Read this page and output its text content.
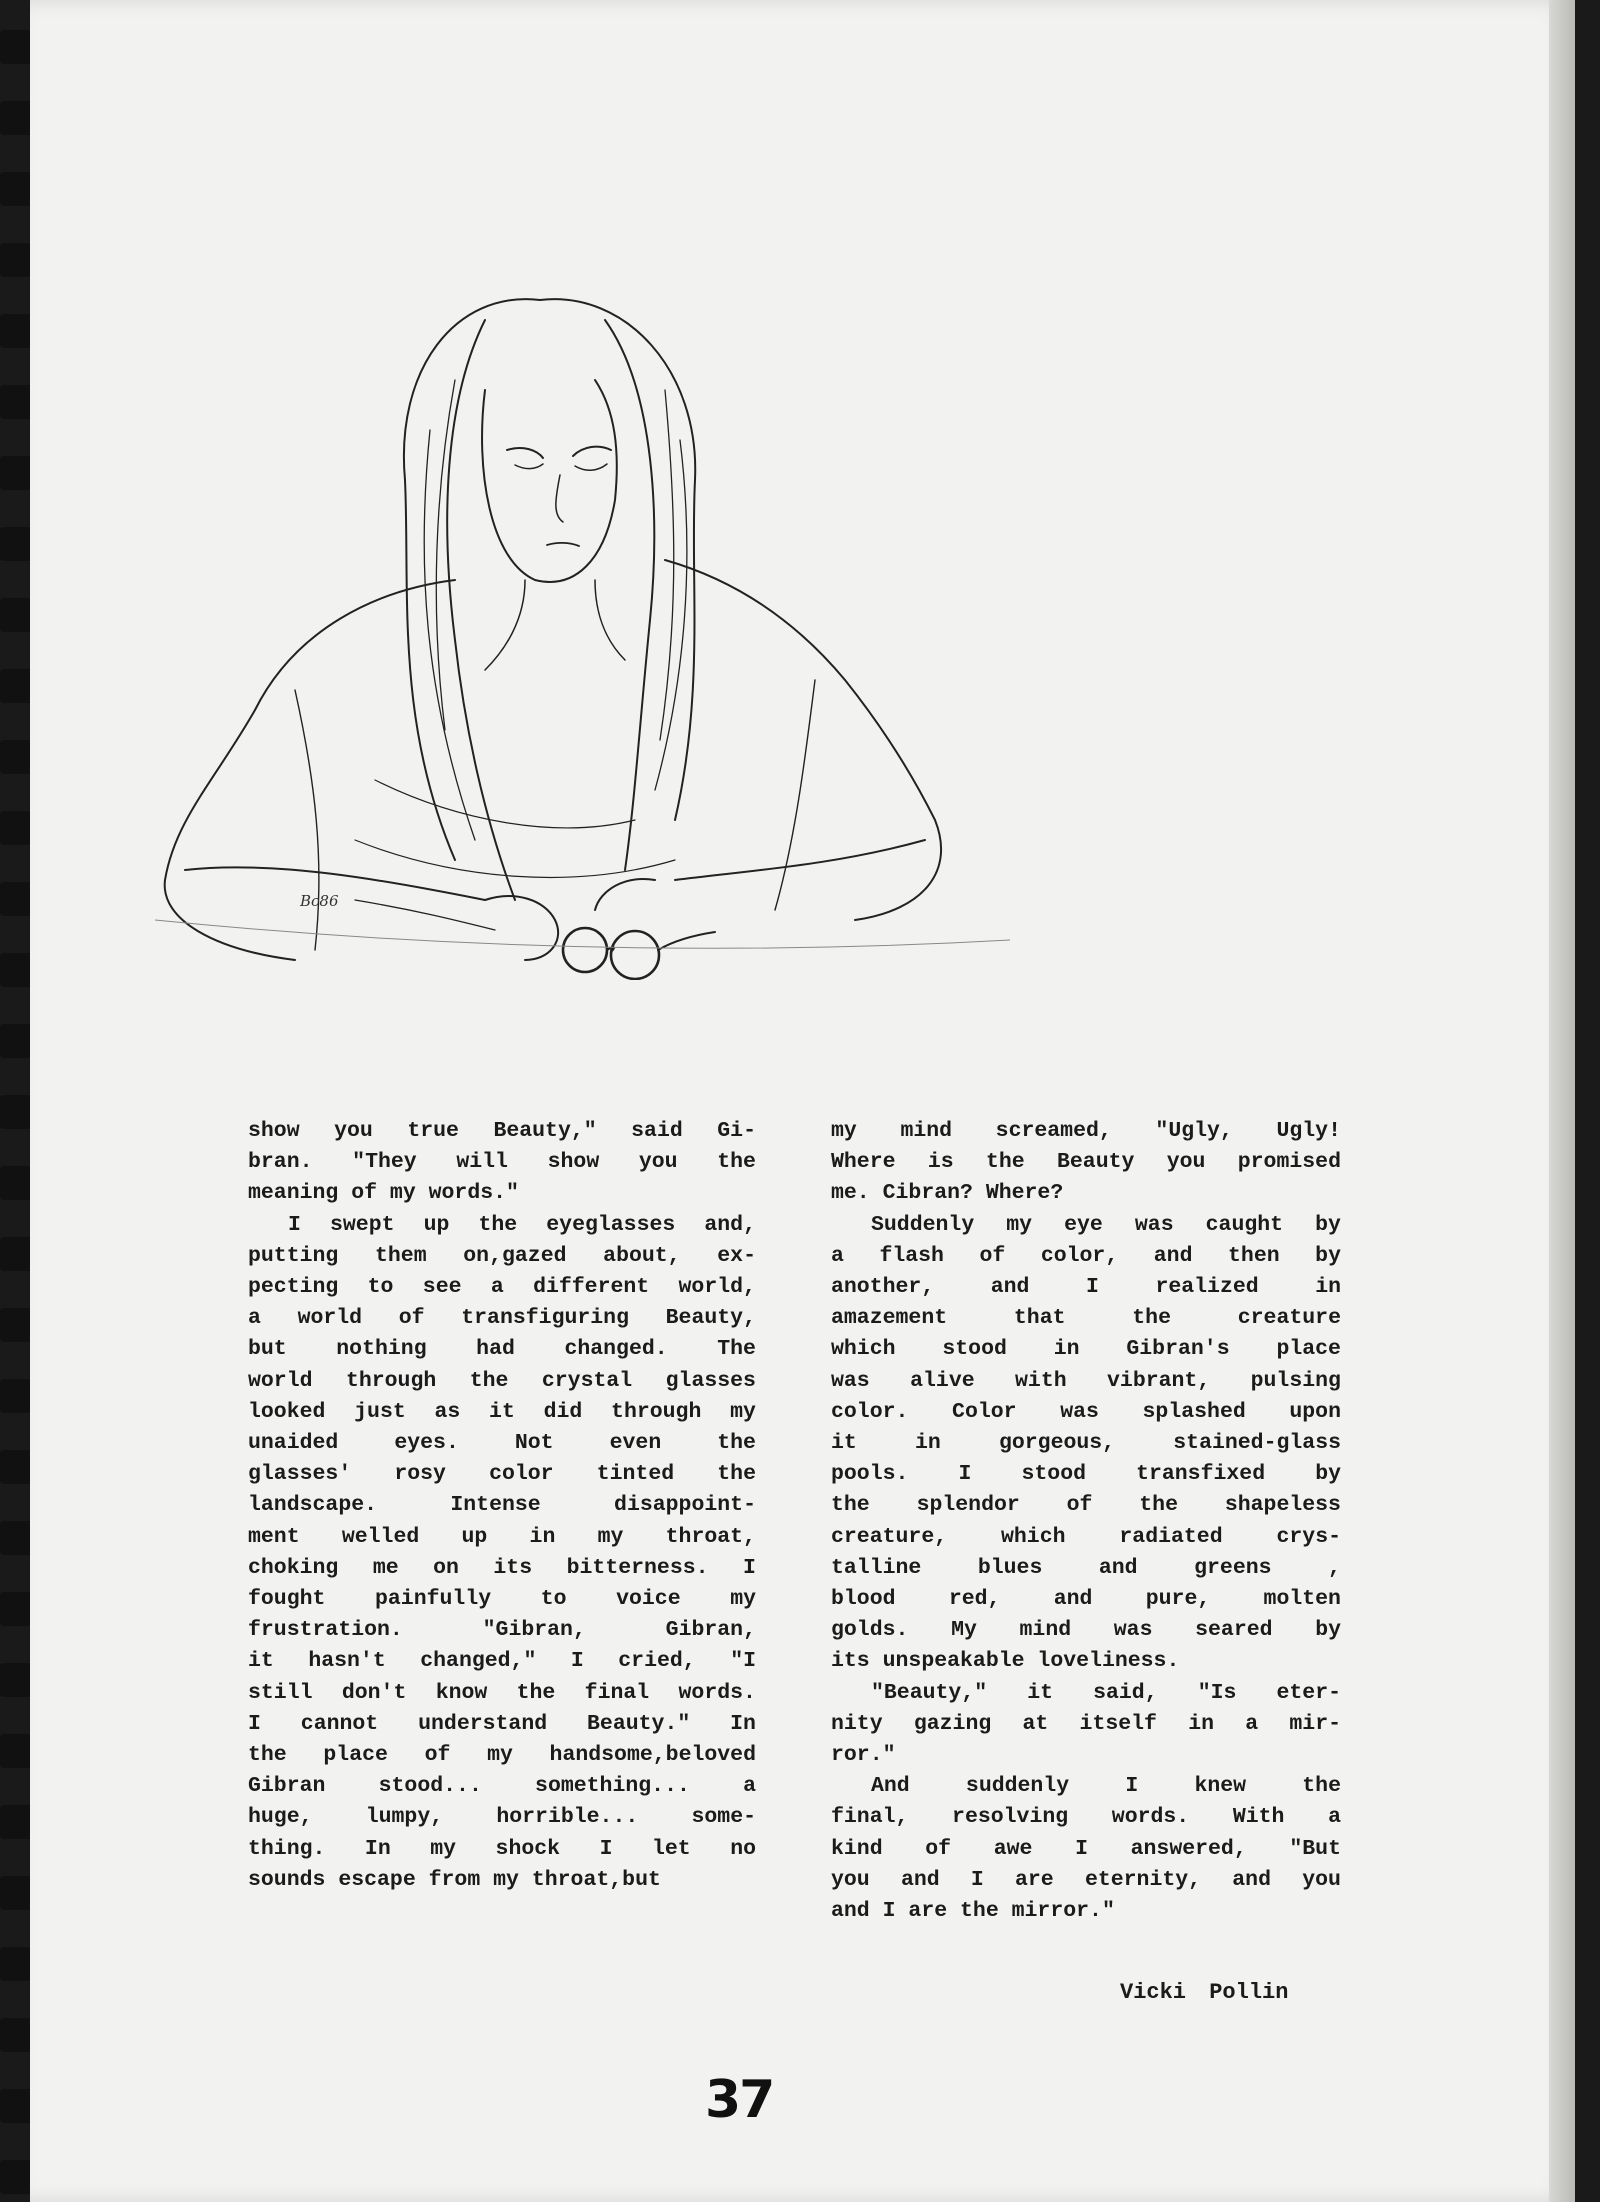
Bc86
show you true Beauty," said Gi-
bran. "They will show you the
meaning of my words."
I swept up the eyeglasses and,
putting them on,gazed about, ex-
pecting to see a different world,
a world of transfiguring Beauty,
but nothing had changed. The
world through the crystal glasses
looked just as it did through my
unaided	eyes.	Not	even	the
glasses' rosy color tinted the
landscape.	Intense	disappoint-
ment welled up in my throat,
choking me on its bitterness. I
fought painfully to voice my
frustration.	"Gibran,	Gibran,
it hasn't changed," I cried, "I
still don't know the final words.
I cannot understand Beauty." In
the place of my handsome,beloved
Gibran stood... something... a
huge, lumpy, horrible... some-
thing. In my shock I let no
sounds escape from my throat,but
my mind screamed, "Ugly, Ugly!
Where is the Beauty you promised
me. Cibran? Where?
Suddenly my eye was caught by
a flash of color, and then by
another,	and	I	realized	in
amazement	that	the	creature
which stood in Gibran's place
was alive with vibrant, pulsing
color. Color was splashed upon
it	in	gorgeous,	stained-glass
pools. I stood transfixed by
the splendor of the shapeless
creature,	which	radiated	crys-
talline	blues	and	greens	,
blood red, and pure, molten
golds. My mind was seared by
its unspeakable loveliness.
"Beauty," it said, "Is eter-
nity gazing at itself in a mir-
ror."
And	suddenly	I	knew	the
final, resolving words. With a
kind of awe I answered, "But
you and I are eternity, and you
and I are the mirror."
Vicki Pollin
37
